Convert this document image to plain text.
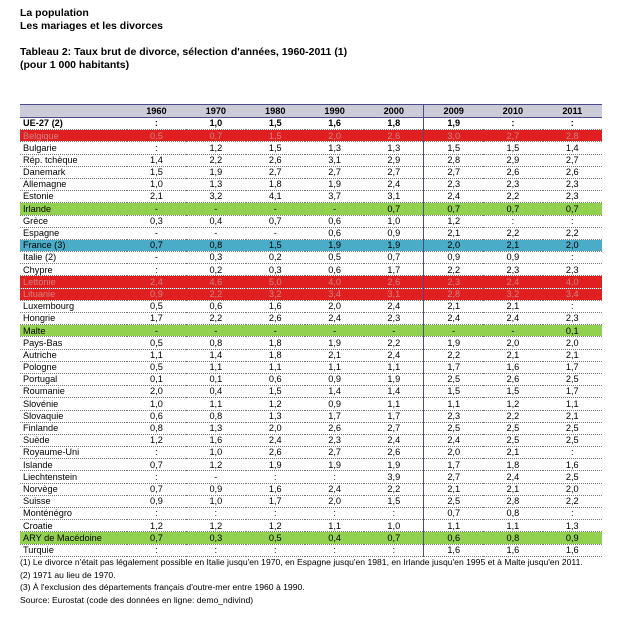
La population
Les mariages et les divorces
Tableau 2: Taux brut de divorce, sélection d'années, 1960-2011 (1)
(pour 1 000 habitants)
	1960	1970	1980	1990	2000	2009	2010	2011
UE-27 (2)	:	1,0	1,5	1,6	1,8	1,9	:	:
Belgique	0,5	0,7	1,5	2,0	2,6	3,0	2,7	2,8
Bulgarie	:	1,2	1,5	1,3	1,3	1,5	1,5	1,4
Rép. tchèque	1,4	2,2	2,6	3,1	2,9	2,8	2,9	2,7
Danemark	1,5	1,9	2,7	2,7	2,7	2,7	2,6	2,6
Allemagne	1,0	1,3	1,8	1,9	2,4	2,3	2,3	2,3
Estonie	2,1	3,2	4,1	3,7	3,1	2,4	2,2	2,3
Irlande	-	-	-	-	0,7	0,7	0,7	0,7
Grèce	0,3	0,4	0,7	0,6	1,0	1,2	:	:
Espagne	-	-	-	0,6	0,9	2,1	2,2	2,2
France (3)	0,7	0,8	1,5	1,9	1,9	2,0	2,1	2,0
Italie (2)	-	0,3	0,2	0,5	0,7	0,9	0,9	:
Chypre	:	0,2	0,3	0,6	1,7	2,2	2,3	2,3
Lettonie	2,4	4,6	5,0	4,0	2,6	2,3	2,4	4,0
Lituanie	0,9	2,2	3,2	3,4	3,1	2,8	3,2	3,4
Luxembourg	0,5	0,6	1,6	2,0	2,4	2,1	2,1	:
Hongrie	1,7	2,2	2,6	2,4	2,3	2,4	2,4	2,3
Malte	-	-	-	-	-	-	-	0,1
Pays-Bas	0,5	0,8	1,8	1,9	2,2	1,9	2,0	2,0
Autriche	1,1	1,4	1,8	2,1	2,4	2,2	2,1	2,1
Pologne	0,5	1,1	1,1	1,1	1,1	1,7	1,6	1,7
Portugal	0,1	0,1	0,6	0,9	1,9	2,5	2,6	2,5
Roumanie	2,0	0,4	1,5	1,4	1,4	1,5	1,5	1,7
Slovénie	1,0	1,1	1,2	0,9	1,1	1,1	1,2	1,1
Slovaquie	0,6	0,8	1,3	1,7	1,7	2,3	2,2	2,1
Finlande	0,8	1,3	2,0	2,6	2,7	2,5	2,5	2,5
Suède	1,2	1,6	2,4	2,3	2,4	2,4	2,5	2,5
Royaume-Uni	:	1,0	2,6	2,7	2,6	2,0	2,1	:
Islande	0,7	1,2	1,9	1,9	1,9	1,7	1,8	1,6
Liechtenstein	:	-	:	:	3,9	2,7	2,4	2,5
Norvège	0,7	0,9	1,6	2,4	2,2	2,1	2,1	2,0
Suisse	0,9	1,0	1,7	2,0	1,5	2,5	2,8	2,2
Monténégro	:	:	:	:	:	0,7	0,8	:
Croatie	1,2	1,2	1,2	1,1	1,0	1,1	1,1	1,3
ARY de Macédoine	0,7	0,3	0,5	0,4	0,7	0,6	0,8	0,9
Turquie	:	:	:	:	:	1,6	1,6	1,6
(1) Le divorce n'était pas légalement possible en Italie jusqu'en 1970, en Espagne jusqu'en 1981, en Irlande jusqu'en 1995 et à Malte jusqu'en 2011.
(2) 1971 au lieu de 1970.
(3) À l'exclusion des départements français d'outre-mer entre 1960 à 1990.
Source: Eurostat (code des données en ligne: demo_ndivind)
